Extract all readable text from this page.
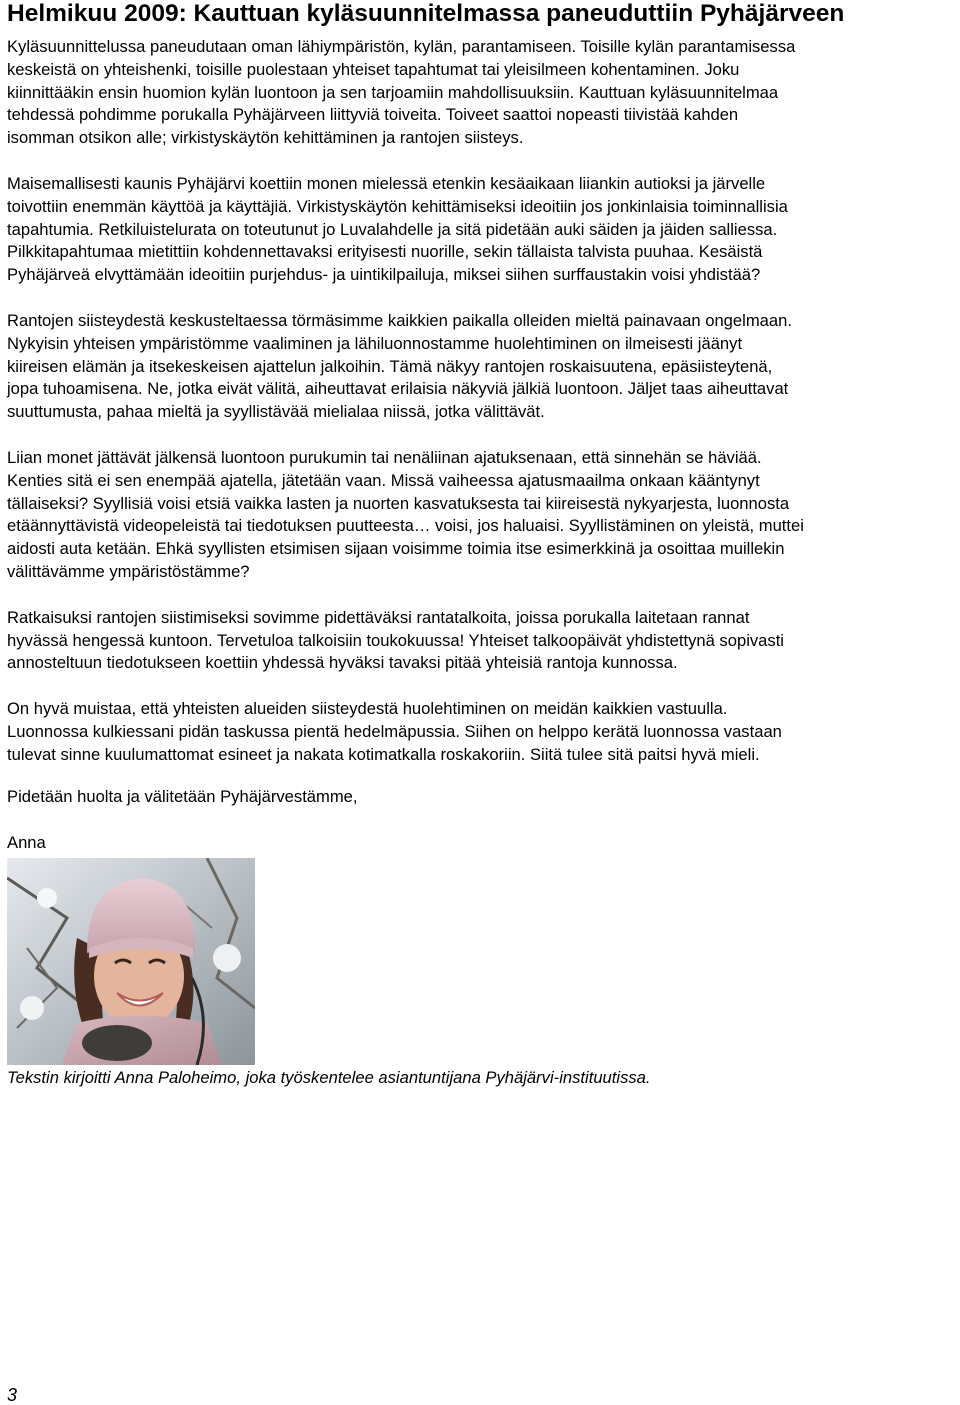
Helmikuu 2009: Kauttuan kyläsuunnitelmassa paneuduttiin Pyhäjärveen

Kyläsuunnittelussa paneudutaan oman lähiympäristön, kylän, parantamiseen. Toisille kylän parantamisessa
keskeistä on yhteishenki, toisille puolestaan yhteiset tapahtumat tai yleisilmeen kohentaminen. Joku
kiinnittääkin ensin huomion kylän luontoon ja sen tarjoamiin mahdollisuuksiin. Kauttuan kyläsuunnitelmaa
tehdessä pohdimme porukalla Pyhäjärveen liittyviä toiveita. Toiveet saattoi nopeasti tiivistää kahden
isomman otsikon alle; virkistyskäytön kehittäminen ja rantojen siisteys.

Maisemallisesti kaunis Pyhäjärvi koettiin monen mielessä etenkin kesäaikaan liiankin autioksi ja järvelle
toivottiin enemmän käyttöä ja käyttäjiä. Virkistyskäytön kehittämiseksi ideoitiin jos jonkinlaisia toiminnallisia
tapahtumia. Retkiluistelurata on toteutunut jo Luvalahdelle ja sitä pidetään auki säiden ja jäiden salliessa.
Pilkkitapahtumaa mietittiin kohdennettavaksi erityisesti nuorille, sekin tällaista talvista puuhaa. Kesäistä
Pyhäjärveä elvyttämään ideoitiin purjehdus- ja uintikilpailuja, miksei siihen surffaustakin voisi yhdistää?

Rantojen siisteydestä keskusteltaessa törmäsimme kaikkien paikalla olleiden mieltä painavaan ongelmaan.
Nykyisin yhteisen ympäristömme vaaliminen ja lähiluonnostamme huolehtiminen on ilmeisesti jäänyt
kiireisen elämän ja itsekeskeisen ajattelun jalkoihin. Tämä näkyy rantojen roskaisuutena, epäsiisteytenä,
jopa tuhoamisena. Ne, jotka eivät välitä, aiheuttavat erilaisia näkyviä jälkiä luontoon. Jäljet taas aiheuttavat
suuttumusta, pahaa mieltä ja syyllistävää mielialaa niissä, jotka välittävät.

Liian monet jättävät jälkensä luontoon purukumin tai nenäliinan ajatuksenaan, että sinnehän se häviää.
Kenties sitä ei sen enempää ajatella, jätetään vaan. Missä vaiheessa ajatusmaailma onkaan kääntynyt
tällaiseksi? Syyllisiä voisi etsiä vaikka lasten ja nuorten kasvatuksesta tai kiireisestä nykyarjesta, luonnosta
etäännyttävistä videopeleistä tai tiedotuksen puutteesta… voisi, jos haluaisi. Syyllistäminen on yleistä, muttei
aidosti auta ketään. Ehkä syyllisten etsimisen sijaan voisimme toimia itse esimerkkinä ja osoittaa muillekin
välittävämme ympäristöstämme?

Ratkaisuksi rantojen siistimiseksi sovimme pidettäväksi rantatalkoita, joissa porukalla laitetaan rannat
hyvässä hengessä kuntoon. Tervetuloa talkoisiin toukokuussa! Yhteiset talkoopäivät yhdistettynä sopivasti
annosteltuun tiedotukseen koettiin yhdessä hyväksi tavaksi pitää yhteisiä rantoja kunnossa.

On hyvä muistaa, että yhteisten alueiden siisteydestä huolehtiminen on meidän kaikkien vastuulla.
Luonnossa kulkiessani pidän taskussa pientä hedelmäpussia. Siihen on helppo kerätä luonnossa vastaan
tulevat sinne kuulumattomat esineet ja nakata kotimatkalla roskakoriin. Siitä tulee sitä paitsi hyvä mieli.

Pidetään huolta ja välitetään Pyhäjärvestämme,

Anna

Tekstin kirjoitti Anna Paloheimo, joka työskentelee asiantuntijana Pyhäjärvi-instituutissa.

3
